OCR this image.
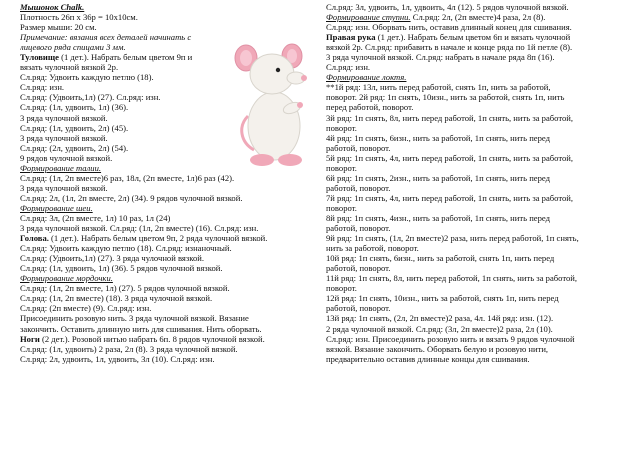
Мышонок Chalk.
Плотность 26п х 36р = 10х10см.
Размер мыши: 20 см.
Примечание: вязания всех деталей начинать с
лицевого ряда спицами 3 мм.
Туловище (1 дет.). Набрать белым цветом 9п и
вязать чулочной вязкой 2р.
Сл.ряд: Удвоить каждую петлю (18).
Сл.ряд: изн.
Сл.ряд: (Удвоить,1л) (27). Сл.ряд: изн.
Сл.ряд: (1л, удвоить, 1л) (36).
3 ряда чулочной вязкой.
Сл.ряд: (1л, удвоить, 2л) (45).
3 ряда чулочной вязкой.
Сл.ряд: (2л, удвоить, 2л) (54).
9 рядов чулочной вязкой.
Формирование талии.
Сл.ряд: (1л, 2п вместе)6 раз, 18л, (2п вместе, 1л)6 раз (42).
3 ряда чулочной вязкой.
Сл.ряд: 2л, (1л, 2п вместе, 2л) (34). 9 рядов чулочной вязкой.
Формирование шеи.
Сл.ряд: 3л, (2п вместе, 1л) 10 раз, 1л (24)
3 ряда чулочной вязкой. Сл.ряд: (1л, 2п вместе) (16). Сл.ряд: изн.
Голова. (1 дет.). Набрать белым цветом 9п, 2 ряда чулочной вязкой.
Сл.ряд: Удвоить каждую петлю (18). Сл.ряд: изнаночный.
Сл.ряд: (Удвоить,1л) (27). 3 ряда чулочной вязкой.
Сл.ряд: (1л, удвоить, 1л) (36). 5 рядов чулочной вязкой.
Формирование мордочки.
Сл.ряд: (1л, 2п вместе, 1л) (27). 5 рядов чулочной вязкой.
Сл.ряд: (1л, 2п вместе) (18). 3 ряда чулочной вязкой.
Сл.ряд: (2п вместе) (9). Сл.ряд: изн.
Присоединить розовую нить. 3 ряда чулочной вязкой. Вязание
закончить. Оставить длинную нить для сшивания. Нить оборвать.
Ноги (2 дет.). Розовой нитью набрать 6п. 8 рядов чулочной вязкой.
Сл.ряд: (1л, удвоить) 2 раза, 2л (8). 3 ряда чулочной вязкой.
Сл.ряд: 2л, удвоить, 1л, удвоить, 3л (10). Сл.ряд: изн.
Сл.ряд: 3л, удвоить, 1л, удвоить, 4л (12). 5 рядов чулочной вязкой.
Формирование ступни. Сл.ряд: 2л, (2п вместе)4 раза, 2л (8).
Сл.ряд: изн. Оборвать нить, оставив длинный конец для сшивания.
Правая рука (1 дет.). Набрать белым цветом 6п и вязать чулочной
вязкой 2р. Сл.ряд: прибавить в начале и конце ряда по 1й петле (8).
3 ряда чулочной вязкой. Сл.ряд: набрать в начале ряда 8п (16).
Сл.ряд: изн.
Формирование локтя.
**1й ряд: 13л, нить перед работой, снять 1п, нить за работой,
поворот. 2й ряд: 1п снять, 10изн., нить за работой, снять 1п, нить
перед работой, поворот.
3й ряд: 1п снять, 8л, нить перед работой, 1п снять, нить за работой,
поворот.
4й ряд: 1п снять, 6изн., нить за работой, 1п снять, нить перед
работой, поворот.
5й ряд: 1п снять, 4л, нить перед работой, 1п снять, нить за работой,
поворот.
6й ряд: 1п снять, 2изн., нить за работой, 1п снять, нить перед
работой, поворот.
7й ряд: 1п снять, 4л, нить перед работой, 1п снять, нить за работой,
поворот.
8й ряд: 1п снять, 4изн., нить за работой, 1п снять, нить перед
работой, поворот.
9й ряд: 1п снять, (1л, 2п вместе)2 раза, нить перед работой, 1п снять,
нить за работой, поворот.
10й ряд: 1п снять, 6изн., нить за работой, снять 1п, нить перед
работой, поворот.
11й ряд: 1п снять, 8л, нить перед работой, 1п снять, нить за работой,
поворот.
12й ряд: 1п снять, 10изн., нить за работой, снять 1п, нить перед
работой, поворот.
13й ряд: 1п снять, (2л, 2п вместе)2 раза, 4л. 14й ряд: изн. (12).
2 ряда чулочной вязкой. Сл.ряд: (3л, 2п вместе)2 раза, 2л (10).
Сл.ряд: изн. Присоединить розовую нить и вязать 9 рядов чулочной
вязкой. Вязание закончить. Оборвать белую и розовую нити,
предварительно оставив длинные концы для сшивания.
